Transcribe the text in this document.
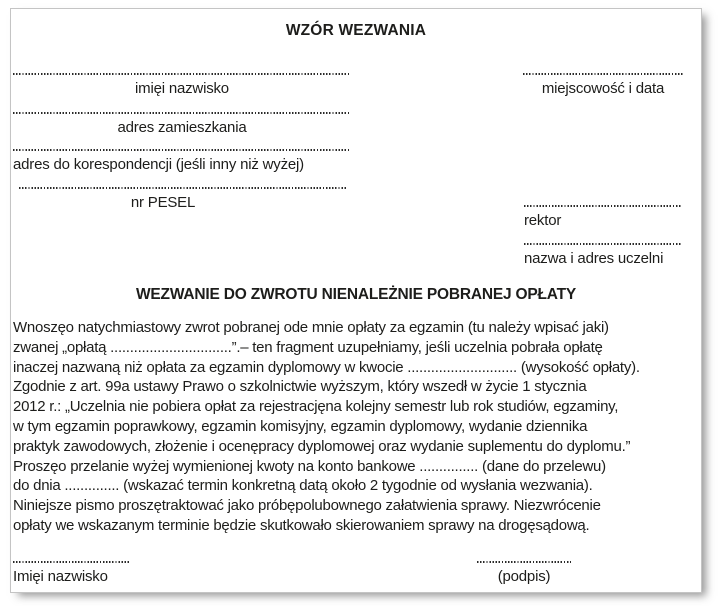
WZÓR WEZWANIA
imięi nazwisko
adres zamieszkania
adres do korespondencji (jeśli inny niż wyżej)
nr PESEL
miejscowość i data
rektor
nazwa i adres uczelni
WEZWANIE DO ZWROTU NIENALEŻNIE POBRANEJ OPŁATY
Wnoszęo natychmiastowy zwrot pobranej ode mnie opłaty za egzamin (tu należy wpisać jaki)
zwanej „opłatą ...............................”.– ten fragment uzupełniamy, jeśli uczelnia pobrała opłatę
inaczej nazwaną niż opłata za egzamin dyplomowy w kwocie ............................ (wysokość opłaty).
Zgodnie z art. 99a ustawy Prawo o szkolnictwie wyższym, który wszedł w życie 1 stycznia
2012 r.: „Uczelnia nie pobiera opłat za rejestracjęna kolejny semestr lub rok studiów, egzaminy,
w tym egzamin poprawkowy, egzamin komisyjny, egzamin dyplomowy, wydanie dziennika
praktyk zawodowych, złożenie i ocenępracy dyplomowej oraz wydanie suplementu do dyplomu.”
Proszęo przelanie wyżej wymienionej kwoty na konto bankowe ............... (dane do przelewu)
do dnia .............. (wskazać termin konkretną datą około 2 tygodnie od wysłania wezwania).
Niniejsze pismo proszętraktować jako próbępolubownego załatwienia sprawy. Niezwrócenie
opłaty we wskazanym terminie będzie skutkowało skierowaniem sprawy na drogęsądową.
Imięi nazwisko	(podpis)
